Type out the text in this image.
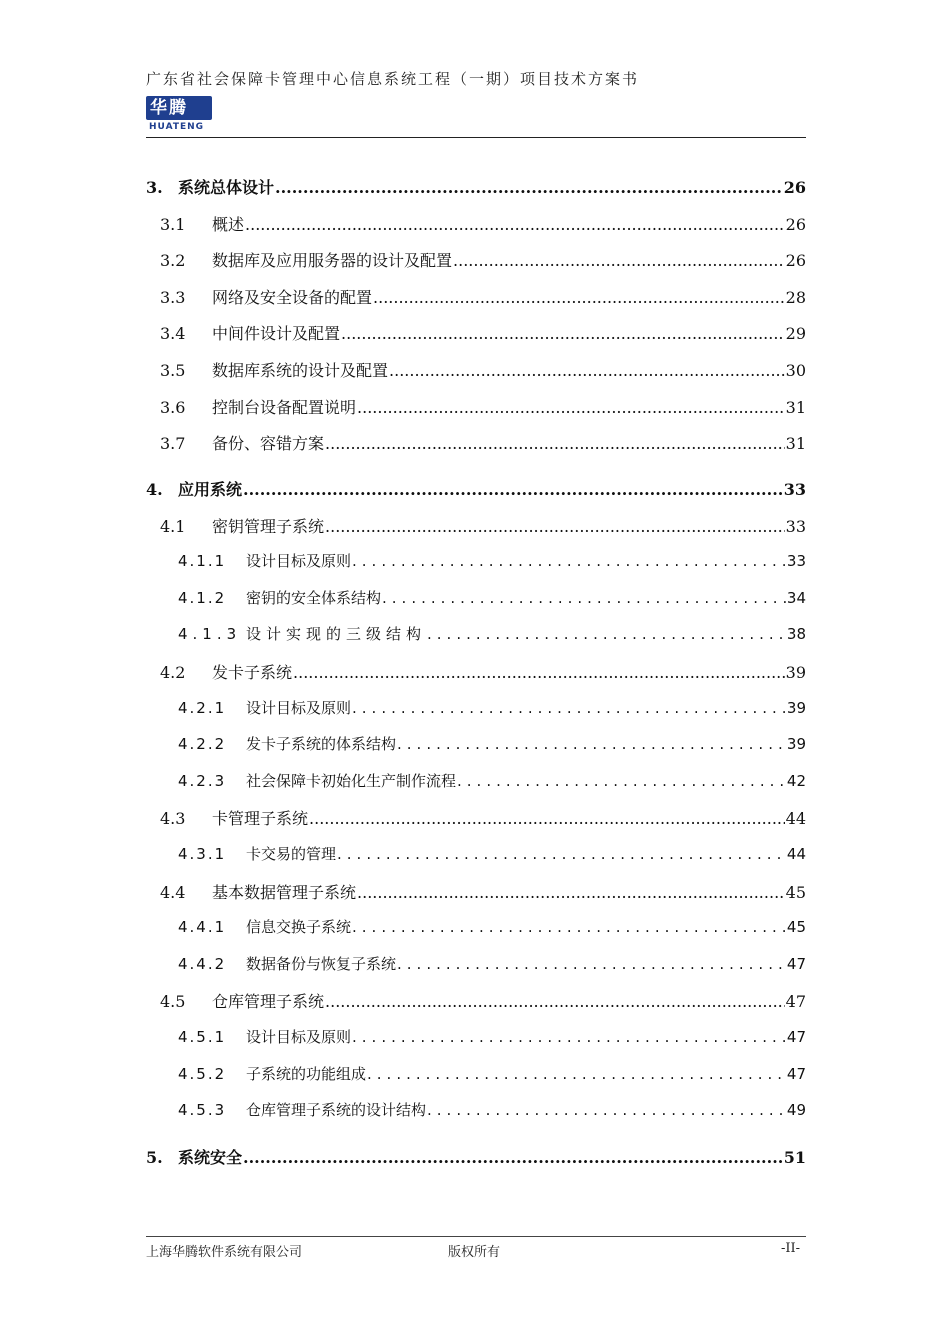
广东省社会保障卡管理中心信息系统工程（一期）项目技术方案书
华腾
HUATENG
3. 系统总体设计 .....	26
3.1	概述 .....	26
3.2	数据库及应用服务器的设计及配置 .....	26
3.3	网络及安全设备的配置 .....	28
3.4	中间件设计及配置 .....	29
3.5	数据库系统的设计及配置 .....	30
3.6	控制台设备配置说明 .....	31
3.7	备份、容错方案 .....	31
4. 应用系统 .....	33
4.1	密钥管理子系统 .....	33
4.1.1	设计目标及原则 .....	33
4.1.2	密钥的安全体系结构 .....	34
4.1.3 设计实现的三级结构 .....	38
4.2	发卡子系统 .....	39
4.2.1	设计目标及原则 .....	39
4.2.2	发卡子系统的体系结构 .....	39
4.2.3	社会保障卡初始化生产制作流程 .....	42
4.3	卡管理子系统 .....	44
4.3.1	卡交易的管理 .....	44
4.4	基本数据管理子系统 .....	45
4.4.1	信息交换子系统 .....	45
4.4.2	数据备份与恢复子系统 .....	47
4.5	仓库管理子系统 .....	47
4.5.1	设计目标及原则 .....	47
4.5.2	子系统的功能组成 .....	47
4.5.3	仓库管理子系统的设计结构 .....	49
5. 系统安全 .....	51
上海华腾软件系统有限公司	版权所有	-II-
